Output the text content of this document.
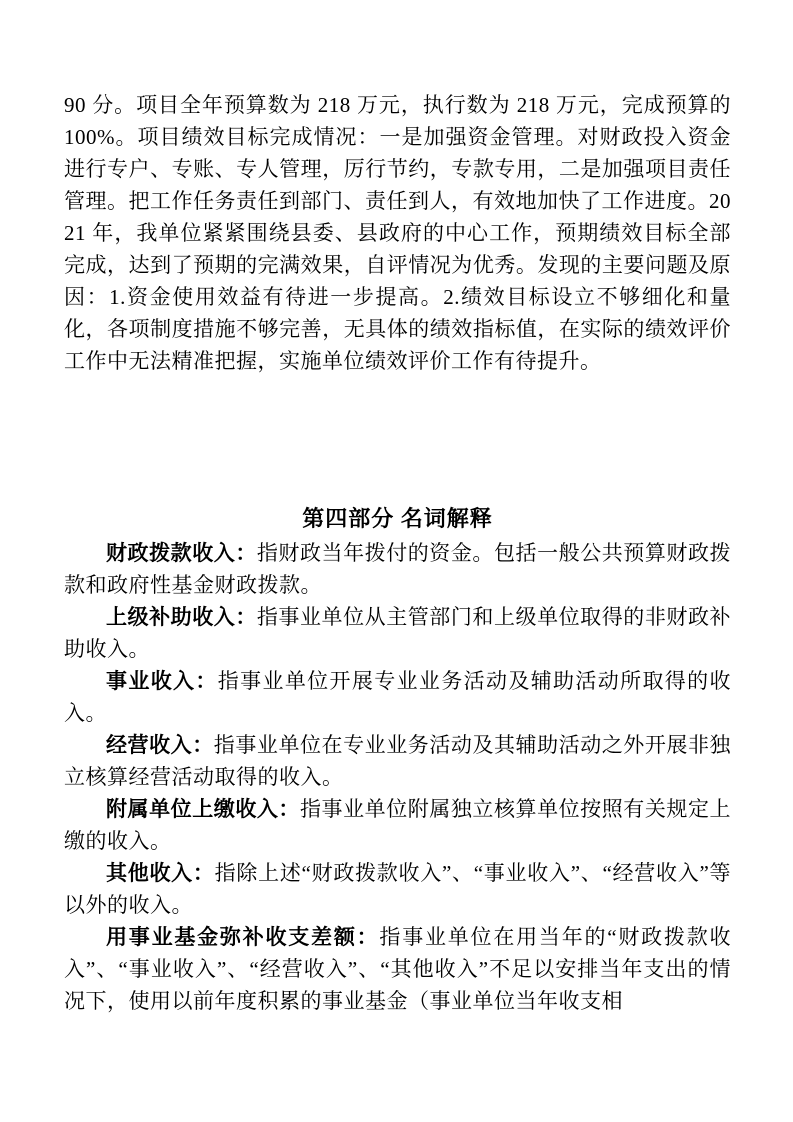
90 分。项目全年预算数为 218 万元，执行数为 218 万元，完成预算的 100%。项目绩效目标完成情况：一是加强资金管理。对财政投入资金进行专户、专账、专人管理，厉行节约，专款专用，二是加强项目责任管理。把工作任务责任到部门、责任到人，有效地加快了工作进度。2021 年，我单位紧紧围绕县委、县政府的中心工作，预期绩效目标全部完成，达到了预期的完满效果，自评情况为优秀。发现的主要问题及原因：1.资金使用效益有待进一步提高。2.绩效目标设立不够细化和量化，各项制度措施不够完善，无具体的绩效指标值，在实际的绩效评价工作中无法精准把握，实施单位绩效评价工作有待提升。

第四部分 名词解释

财政拨款收入：指财政当年拨付的资金。包括一般公共预算财政拨款和政府性基金财政拨款。

上级补助收入：指事业单位从主管部门和上级单位取得的非财政补助收入。

事业收入：指事业单位开展专业业务活动及辅助活动所取得的收入。

经营收入：指事业单位在专业业务活动及其辅助活动之外开展非独立核算经营活动取得的收入。

附属单位上缴收入：指事业单位附属独立核算单位按照有关规定上缴的收入。

其他收入：指除上述“财政拨款收入”、“事业收入”、“经营收入”等以外的收入。

用事业基金弥补收支差额：指事业单位在用当年的“财政拨款收入”、“事业收入”、“经营收入”、“其他收入”不足以安排当年支出的情况下，使用以前年度积累的事业基金（事业单位当年收支相
